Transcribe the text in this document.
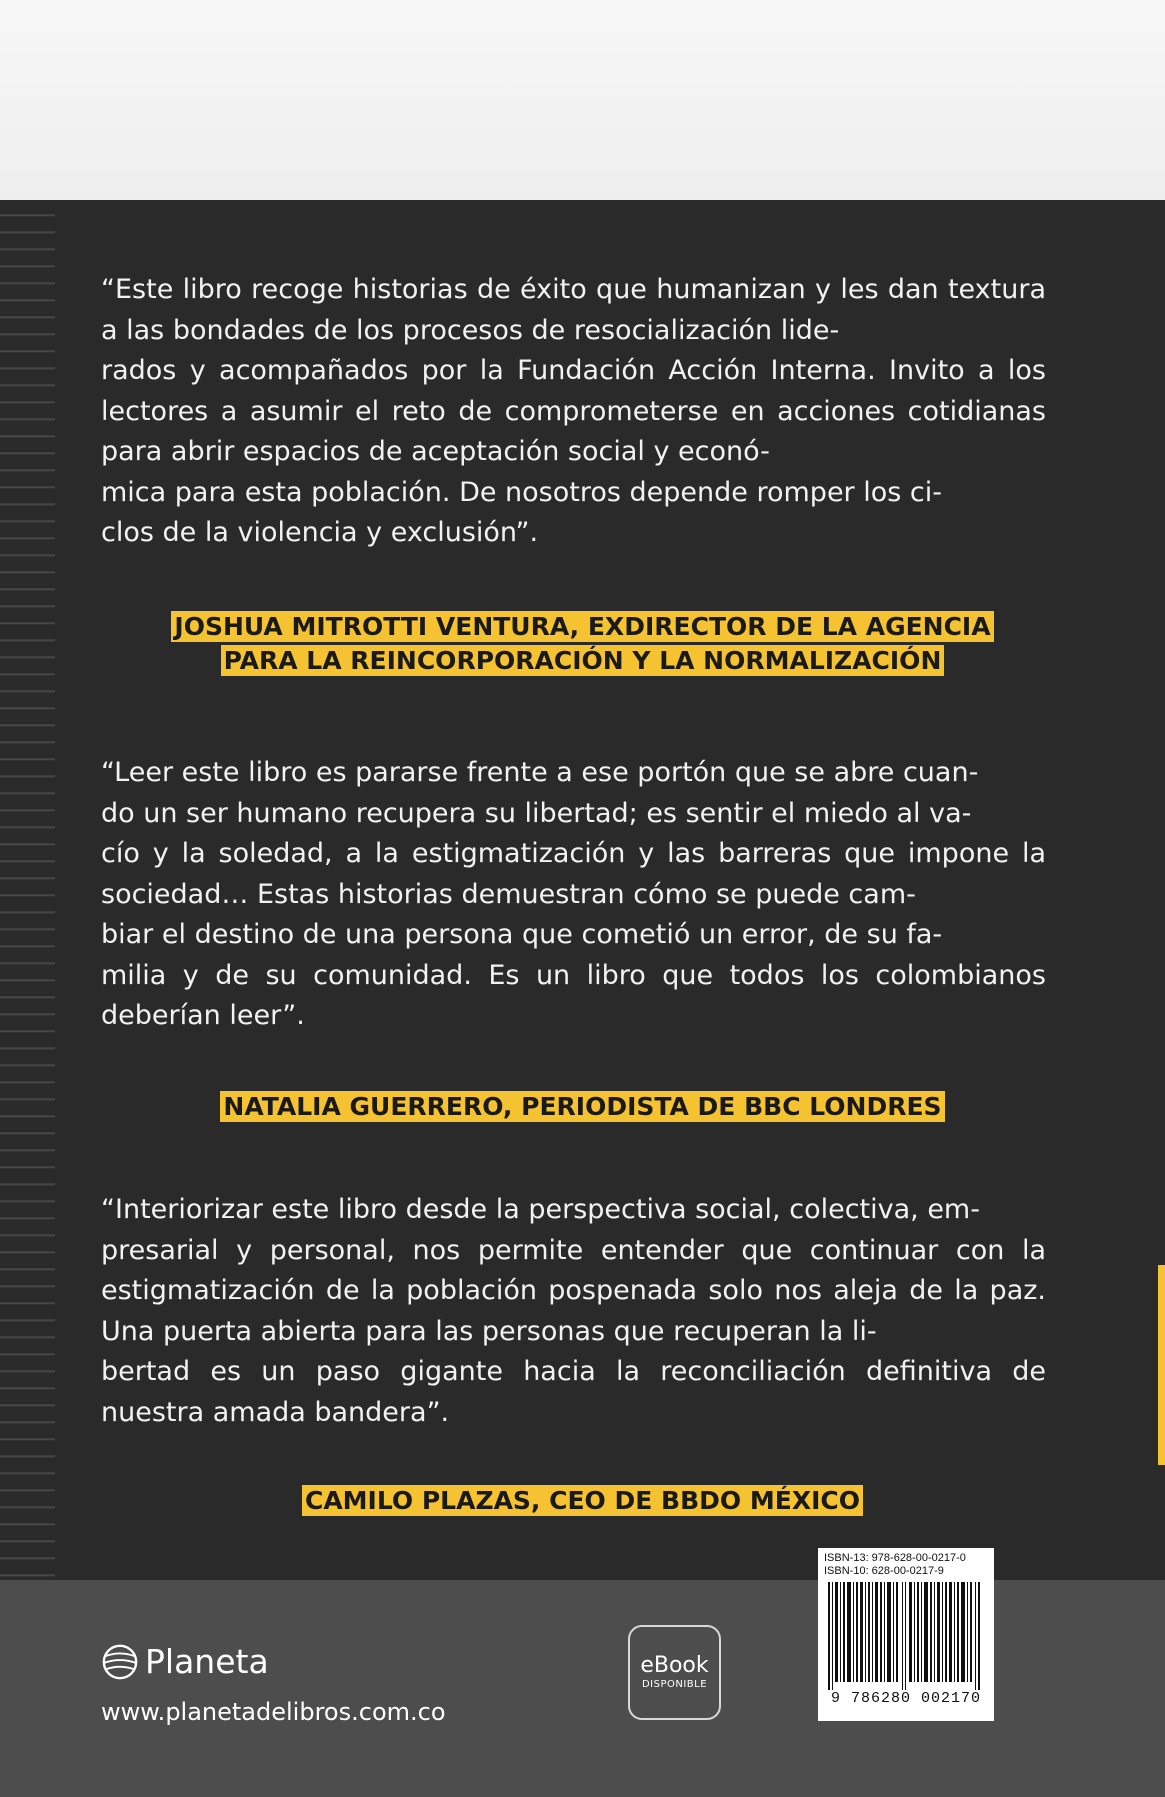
“Este libro recoge historias de éxito que humanizan y les dan textura a las bondades de los procesos de resocialización lide-
rados y acompañados por la Fundación Acción Interna. Invito a los lectores a asumir el reto de comprometerse en acciones cotidianas para abrir espacios de aceptación social y econó-
mica para esta población. De nosotros depende romper los ci-
clos de la violencia y exclusión”.

JOSHUA MITROTTI VENTURA, EXDIRECTOR DE LA AGENCIA
PARA LA REINCORPORACIÓN Y LA NORMALIZACIÓN

“Leer este libro es pararse frente a ese portón que se abre cuan-
do un ser humano recupera su libertad; es sentir el miedo al va-
cío y la soledad, a la estigmatización y las barreras que impone la sociedad… Estas historias demuestran cómo se puede cam-
biar el destino de una persona que cometió un error, de su fa-
milia y de su comunidad. Es un libro que todos los colombianos deberían leer”.

NATALIA GUERRERO, PERIODISTA DE BBC LONDRES

“Interiorizar este libro desde la perspectiva social, colectiva, em-
presarial y personal, nos permite entender que continuar con la estigmatización de la población pospenada solo nos aleja de la paz. Una puerta abierta para las personas que recuperan la li-
bertad es un paso gigante hacia la reconciliación definitiva de nuestra amada bandera”.

CAMILO PLAZAS, CEO DE BBDO MÉXICO
Planeta
www.planetadelibros.com.co
eBook
DISPONIBLE
ISBN-13: 978-628-00-0217-0
ISBN-10: 628-00-0217-9
9 786280 002170
